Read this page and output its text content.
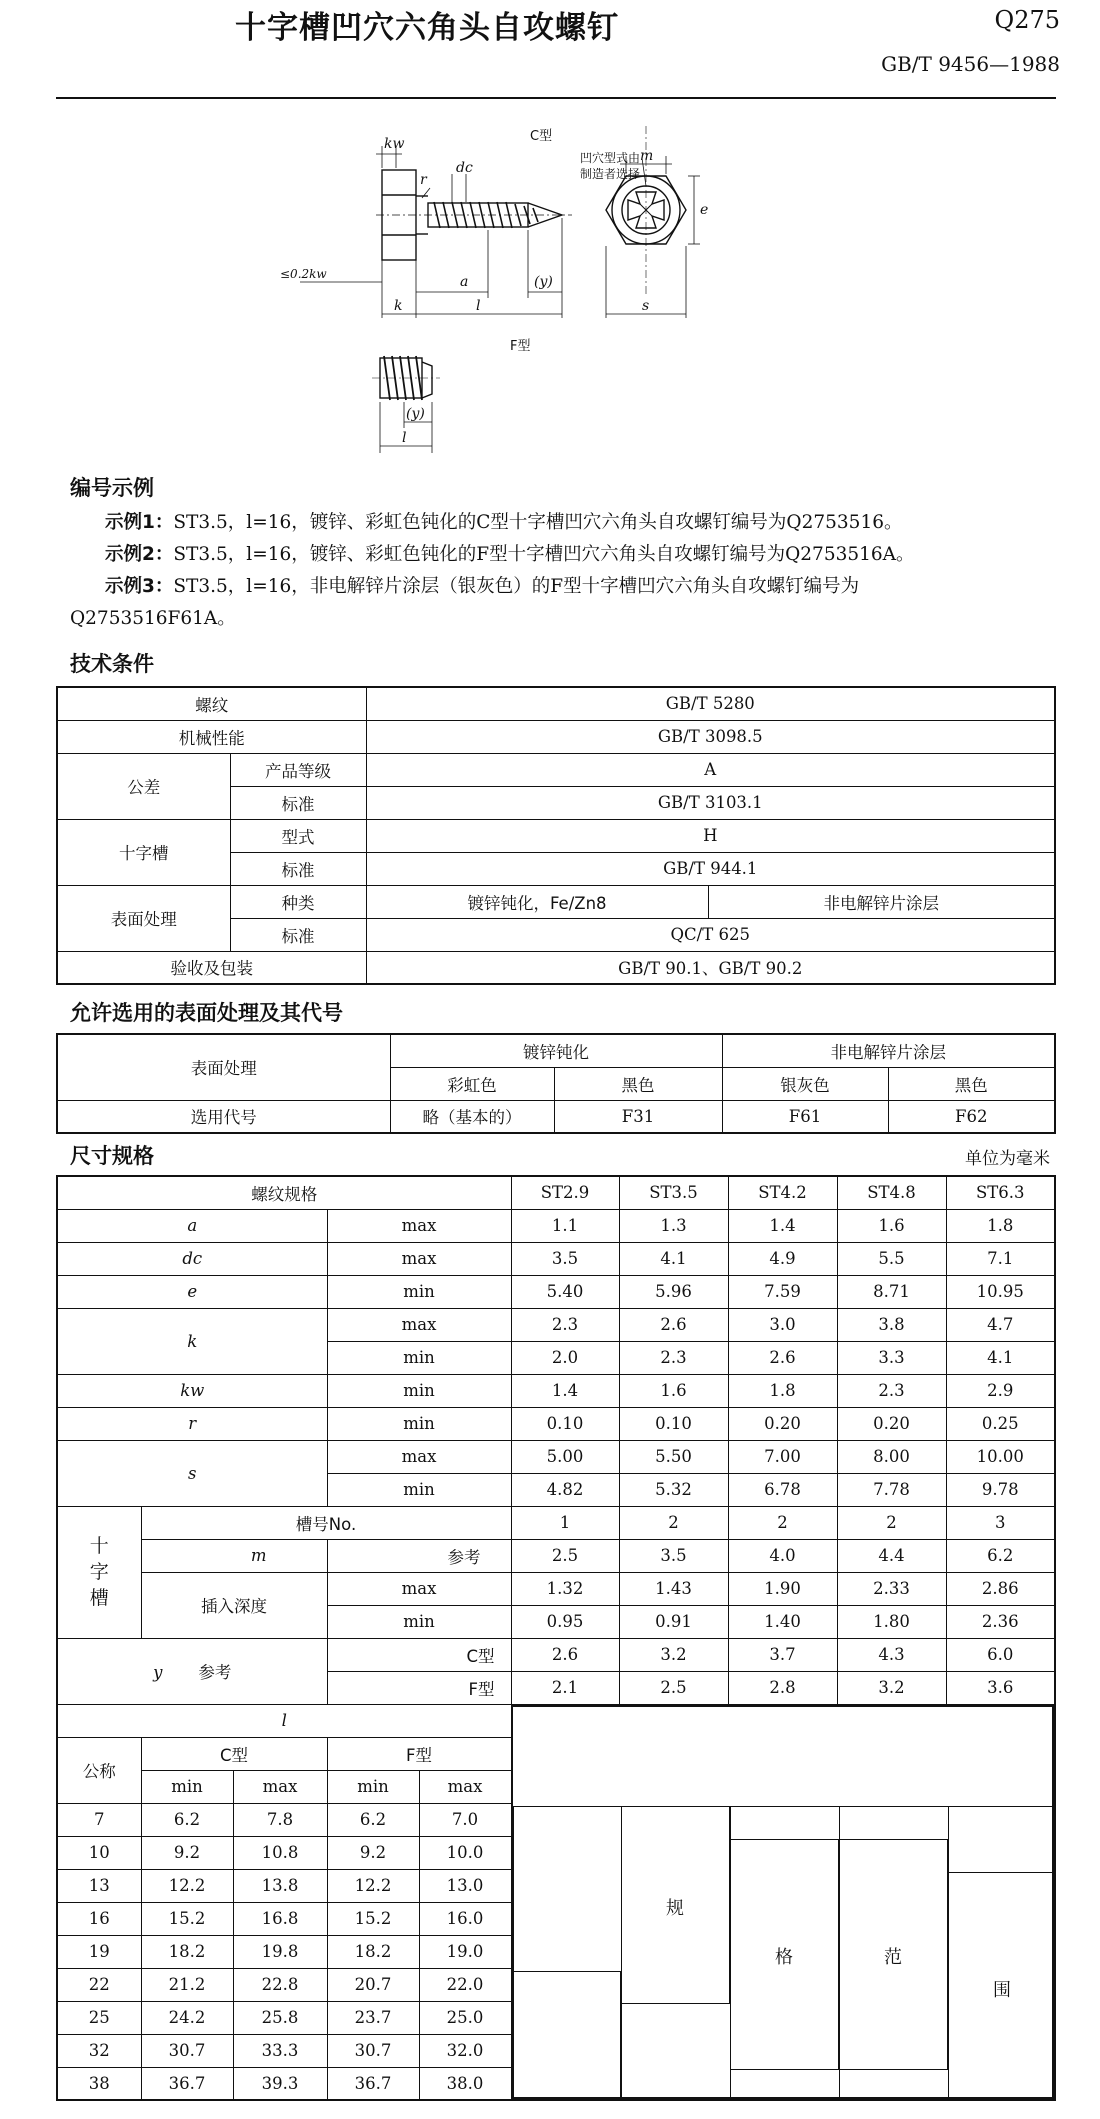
十字槽凹穴六角头自攻螺钉	Q275
GB/T 9456—1988
C型
F型
凹穴型式由
制造者选择
kw
r
dc
a	(y)
k	l
≤0.2kw
m
e
s
(y)
l
编号示例
示例1：ST3.5，l=16，镀锌、彩虹色钝化的C型十字槽凹穴六角头自攻螺钉编号为Q2753516。
示例2：ST3.5，l=16，镀锌、彩虹色钝化的F型十字槽凹穴六角头自攻螺钉编号为Q2753516A。
示例3：ST3.5，l=16，非电解锌片涂层（银灰色）的F型十字槽凹穴六角头自攻螺钉编号为
Q2753516F61A。
技术条件
螺纹		GB/T 5280	
机械性能		GB/T 3098.5	
公差	产品等级	A	
	标准	GB/T 3103.1	
十字槽	型式	H	
	标准	GB/T 944.1	
表面处理	种类	镀锌钝化，Fe/Zn8	非电解锌片涂层
	标准	QC/T 625	
验收及包装		GB/T 90.1、GB/T 90.2	
允许选用的表面处理及其代号
表面处理	镀锌钝化		非电解锌片涂层	
	彩虹色	黑色	银灰色	黑色
选用代号	略（基本的）	F31	F61	F62
尺寸规格	单位为毫米
螺纹规格					ST2.9	ST3.5	ST4.2	ST4.8	ST6.3
a			max		1.1	1.3	1.4	1.6	1.8
dc			max		3.5	4.1	4.9	5.5	7.1
e			min		5.40	5.96	7.59	8.71	10.95
k			max		2.3	2.6	3.0	3.8	4.7
			min		2.0	2.3	2.6	3.3	4.1
kw			min		1.4	1.6	1.8	2.3	2.9
r			min		0.10	0.10	0.20	0.20	0.25
s			max		5.00	5.50	7.00	8.00	10.00
			min		4.82	5.32	6.78	7.78	9.78
十字槽	槽号No.				1	2	2	2	3
	m		参考		2.5	3.5	4.0	4.4	6.2
	插入深度		max		1.32	1.43	1.90	2.33	2.86
			min		0.95	0.91	1.40	1.80	2.36
y 参考			C型		2.6	3.2	3.7	4.3	6.0
			F型		2.1	2.5	2.8	3.2	3.6
l					规
格 范
围				

公称	C型		F型						
	min	max	min	max					
7	6.2	7.8	6.2	7.0					
10	9.2	10.8	9.2	10.0					
13	12.2	13.8	12.2	13.0					
16	15.2	16.8	15.2	16.0					
19	18.2	19.8	18.2	19.0					
22	21.2	22.8	20.7	22.0					
25	24.2	25.8	23.7	25.0					
32	30.7	33.3	30.7	32.0					
38	36.7	39.3	36.7	38.0					
